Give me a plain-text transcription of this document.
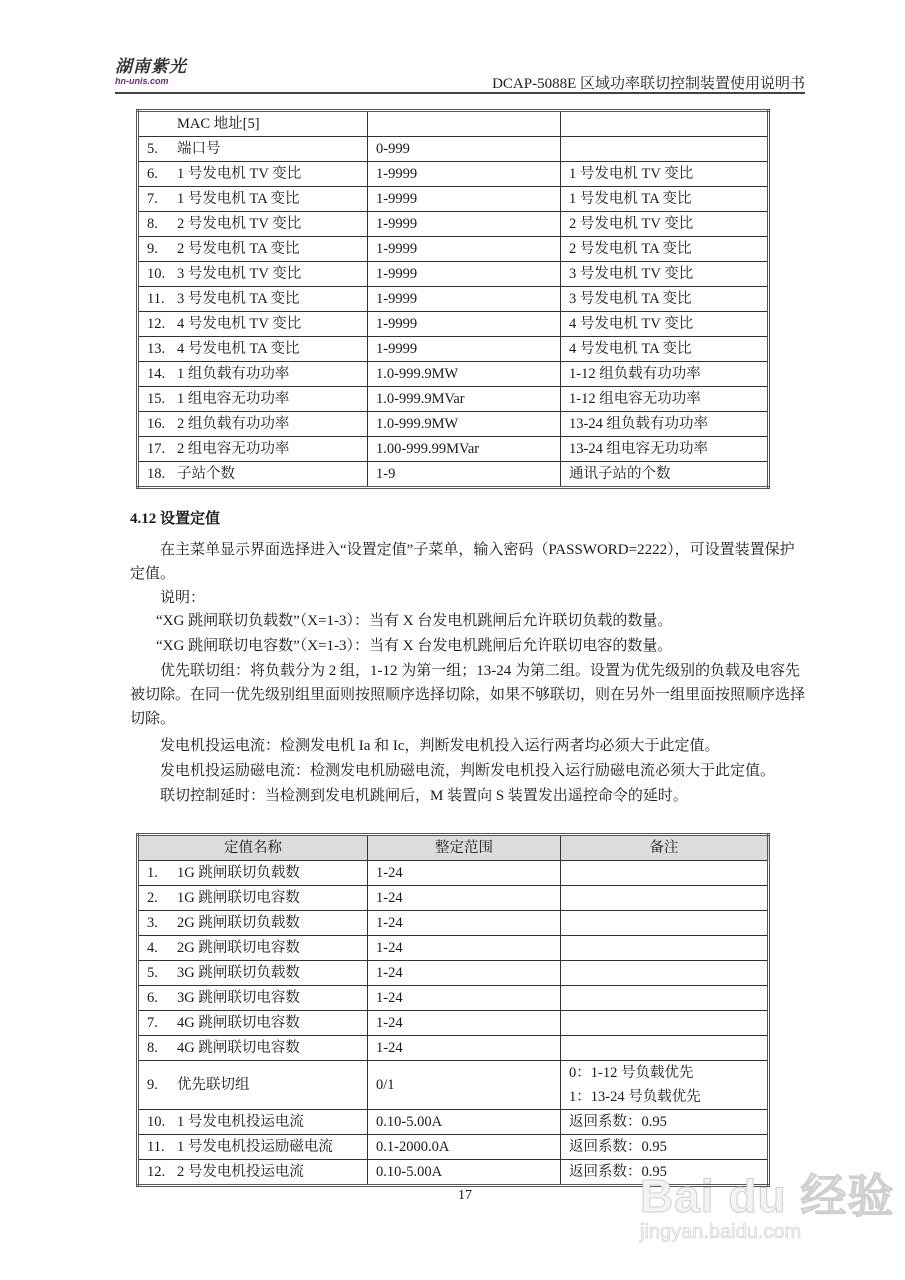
湖南紫光
hn-unis.com	DCAP-5088E 区域功率联切控制装置使用说明书
MAC 地址[5]		
5. 端口号	0-999	
6. 1 号发电机 TV 变比	1-9999	1 号发电机 TV 变比
7. 1 号发电机 TA 变比	1-9999	1 号发电机 TA 变比
8. 2 号发电机 TV 变比	1-9999	2 号发电机 TV 变比
9. 2 号发电机 TA 变比	1-9999	2 号发电机 TA 变比
10. 3 号发电机 TV 变比	1-9999	3 号发电机 TV 变比
11. 3 号发电机 TA 变比	1-9999	3 号发电机 TA 变比
12. 4 号发电机 TV 变比	1-9999	4 号发电机 TV 变比
13. 4 号发电机 TA 变比	1-9999	4 号发电机 TA 变比
14. 1 组负载有功功率	1.0-999.9MW	1-12 组负载有功功率
15. 1 组电容无功功率	1.0-999.9MVar	1-12 组电容无功功率
16. 2 组负载有功功率	1.0-999.9MW	13-24 组负载有功功率
17. 2 组电容无功功率	1.00-999.99MVar	13-24 组电容无功功率
18. 子站个数	1-9	通讯子站的个数
4.12 设置定值
在主菜单显示界面选择进入“设置定值”子菜单，输入密码（PASSWORD=2222），可设置装置保护定值。
说明：
“XG 跳闸联切负载数”（X=1-3）：当有 X 台发电机跳闸后允许联切负载的数量。
“XG 跳闸联切电容数”（X=1-3）：当有 X 台发电机跳闸后允许联切电容的数量。
优先联切组：将负载分为 2 组，1-12 为第一组；13-24 为第二组。设置为优先级别的负载及电容先被切除。在同一优先级别组里面则按照顺序选择切除，如果不够联切，则在另外一组里面按照顺序选择切除。
发电机投运电流：检测发电机 Ia 和 Ic，判断发电机投入运行两者均必须大于此定值。
发电机投运励磁电流：检测发电机励磁电流，判断发电机投入运行励磁电流必须大于此定值。
联切控制延时：当检测到发电机跳闸后，M 装置向 S 装置发出遥控命令的延时。
定值名称	整定范围	备注
1. 1G 跳闸联切负载数	1-24	
2. 1G 跳闸联切电容数	1-24	
3. 2G 跳闸联切负载数	1-24	
4. 2G 跳闸联切电容数	1-24	
5. 3G 跳闸联切负载数	1-24	
6. 3G 跳闸联切电容数	1-24	
7. 4G 跳闸联切电容数	1-24	
8. 4G 跳闸联切电容数	1-24	
9. 优先联切组	0/1	0：1-12 号负载优先
1：13-24 号负载优先

10. 1 号发电机投运电流	0.10-5.00A	返回系数：0.95
11. 1 号发电机投运励磁电流	0.1-2000.0A	返回系数：0.95
12. 2 号发电机投运电流	0.10-5.00A	返回系数：0.95
17	Bai du 经验
jingyan.baidu.com
